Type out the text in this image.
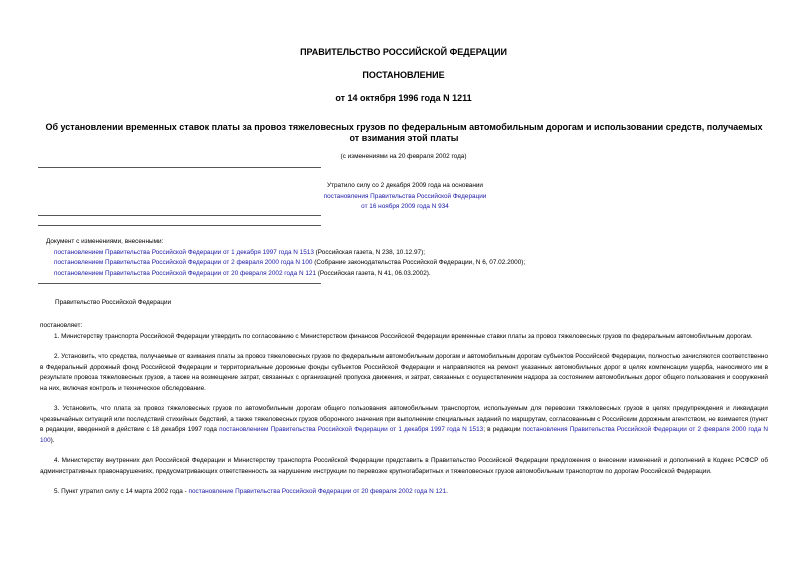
ПРАВИТЕЛЬСТВО РОССИЙСКОЙ ФЕДЕРАЦИИ
ПОСТАНОВЛЕНИЕ
от 14 октября 1996 года N 1211
Об установлении временных ставок платы за провоз тяжеловесных грузов по федеральным автомобильным дорогам и использовании средств, получаемых от взимания этой платы
(с изменениями на 20 февраля 2002 года)
Утратило силу со 2 декабря 2009 года на основании
постановления Правительства Российской Федерации
от 16 ноября 2009 года N 934
Документ с изменениями, внесенными:
постановлением Правительства Российской Федерации от 1 декабря 1997 года N 1513 (Российская газета, N 238, 10.12.97);
постановлением Правительства Российской Федерации от 2 февраля 2000 года N 100 (Собрание законодательства Российской Федерации, N 6, 07.02.2000);
постановлением Правительства Российской Федерации от 20 февраля 2002 года N 121 (Российская газета, N 41, 06.03.2002).
Правительство Российской Федерации

постановляет:

1. Министерству транспорта Российской Федерации утвердить по согласованию с Министерством финансов Российской Федерации временные ставки платы за провоз тяжеловесных грузов по федеральным автомобильным дорогам.

2. Установить, что средства, получаемые от взимания платы за провоз тяжеловесных грузов по федеральным автомобильным дорогам и автомобильным дорогам субъектов Российской Федерации, полностью зачисляются соответственно в Федеральный дорожный фонд Российской Федерации и территориальные дорожные фонды субъектов Российской Федерации и направляются на ремонт указанных автомобильных дорог в целях компенсации ущерба, наносимого им в результате провоза тяжеловесных грузов, а также на возмещение затрат, связанных с организацией пропуска движения, и затрат, связанных с осуществлением надзора за состоянием автомобильных дорог общего пользования и сооружений на них, включая контроль и техническое обследование.

3. Установить, что плата за провоз тяжеловесных грузов по автомобильным дорогам общего пользования автомобильным транспортом, используемым для перевозки тяжеловесных грузов в целях предупреждения и ликвидации чрезвычайных ситуаций или последствий стихийных бедствий, а также тяжеловесных грузов оборонного значения при выполнении специальных заданий по маршрутам, согласованным с Российским дорожным агентством, не взимается (пункт в редакции, введенной в действие с 18 декабря 1997 года постановлением Правительства Российской Федерации от 1 декабря 1997 года N 1513; в редакции постановления Правительства Российской Федерации от 2 февраля 2000 года N 100).

4. Министерству внутренних дел Российской Федерации и Министерству транспорта Российской Федерации представить в Правительство Российской Федерации предложения о внесении изменений и дополнений в Кодекс РСФСР об административных правонарушениях, предусматривающих ответственность за нарушение инструкции по перевозке крупногабаритных и тяжеловесных грузов автомобильным транспортом по дорогам Российской Федерации.

5. Пункт утратил силу с 14 марта 2002 года - постановление Правительства Российской Федерации от 20 февраля 2002 года N 121.
